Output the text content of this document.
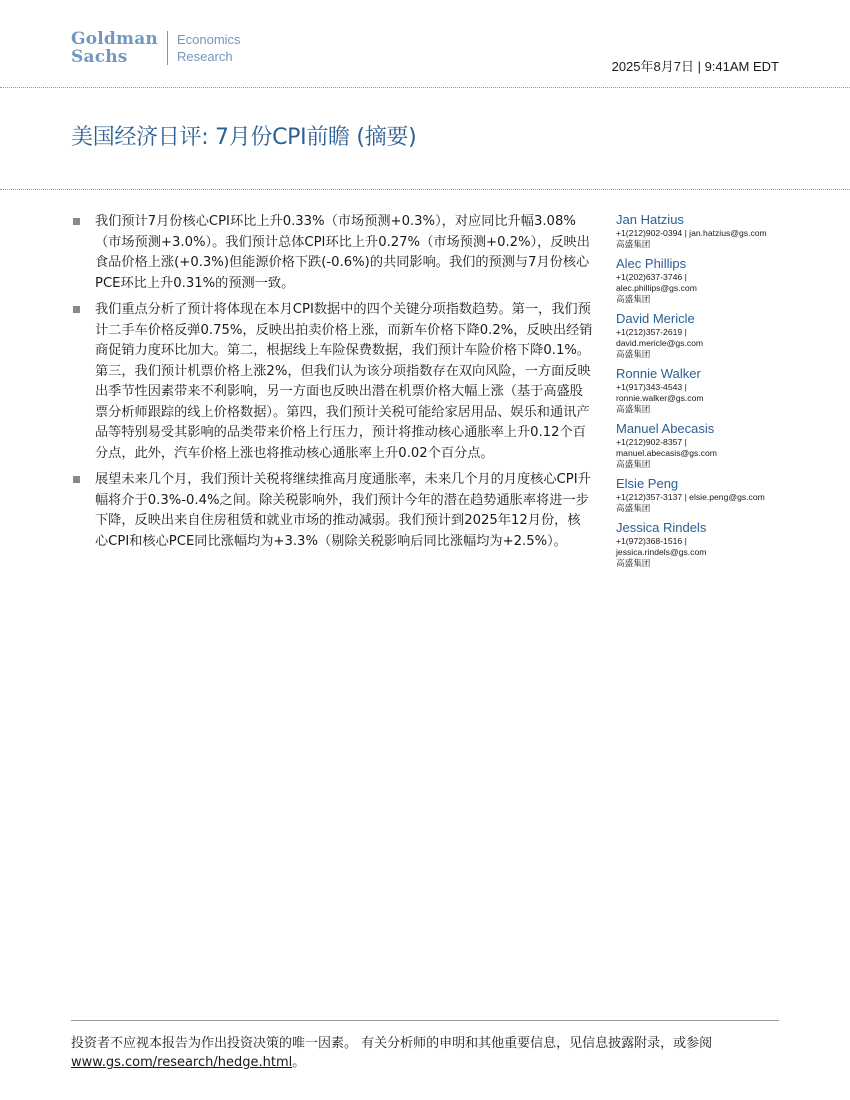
Goldman
Sachs
Economics
Research
2025年8月7日 | 9:41AM EDT
美国经济日评: 7月份CPI前瞻 (摘要)
我们预计7月份核心CPI环比上升0.33%（市场预测+0.3%），对应同比升幅3.08%（市场预测+3.0%）。我们预计总体CPI环比上升0.27%（市场预测+0.2%），反映出食品价格上涨(+0.3%)但能源价格下跌(-0.6%)的共同影响。我们的预测与7月份核心PCE环比上升0.31%的预测一致。
我们重点分析了预计将体现在本月CPI数据中的四个关键分项指数趋势。第一，我们预计二手车价格反弹0.75%，反映出拍卖价格上涨，而新车价格下降0.2%，反映出经销商促销力度环比加大。第二，根据线上车险保费数据，我们预计车险价格下降0.1%。第三，我们预计机票价格上涨2%，但我们认为该分项指数存在双向风险，一方面反映出季节性因素带来不利影响，另一方面也反映出潜在机票价格大幅上涨（基于高盛股票分析师跟踪的线上价格数据）。第四，我们预计关税可能给家居用品、娱乐和通讯产品等特别易受其影响的品类带来价格上行压力，预计将推动核心通胀率上升0.12个百分点，此外，汽车价格上涨也将推动核心通胀率上升0.02个百分点。
展望未来几个月，我们预计关税将继续推高月度通胀率，未来几个月的月度核心CPI升幅将介于0.3%-0.4%之间。除关税影响外，我们预计今年的潜在趋势通胀率将进一步下降，反映出来自住房租赁和就业市场的推动减弱。我们预计到2025年12月份，核心CPI和核心PCE同比涨幅均为+3.3%（剔除关税影响后同比涨幅均为+2.5%）。
Jan Hatzius
+1(212)902-0394 | jan.hatzius@gs.com
高盛集团
Alec Phillips
+1(202)637-3746 |
alec.phillips@gs.com
高盛集团
David Mericle
+1(212)357-2619 |
david.mericle@gs.com
高盛集团
Ronnie Walker
+1(917)343-4543 |
ronnie.walker@gs.com
高盛集团
Manuel Abecasis
+1(212)902-8357 |
manuel.abecasis@gs.com
高盛集团
Elsie Peng
+1(212)357-3137 | elsie.peng@gs.com
高盛集团
Jessica Rindels
+1(972)368-1516 |
jessica.rindels@gs.com
高盛集团
投资者不应视本报告为作出投资决策的唯一因素。 有关分析师的申明和其他重要信息，见信息披露附录，或参阅
www.gs.com/research/hedge.html。
